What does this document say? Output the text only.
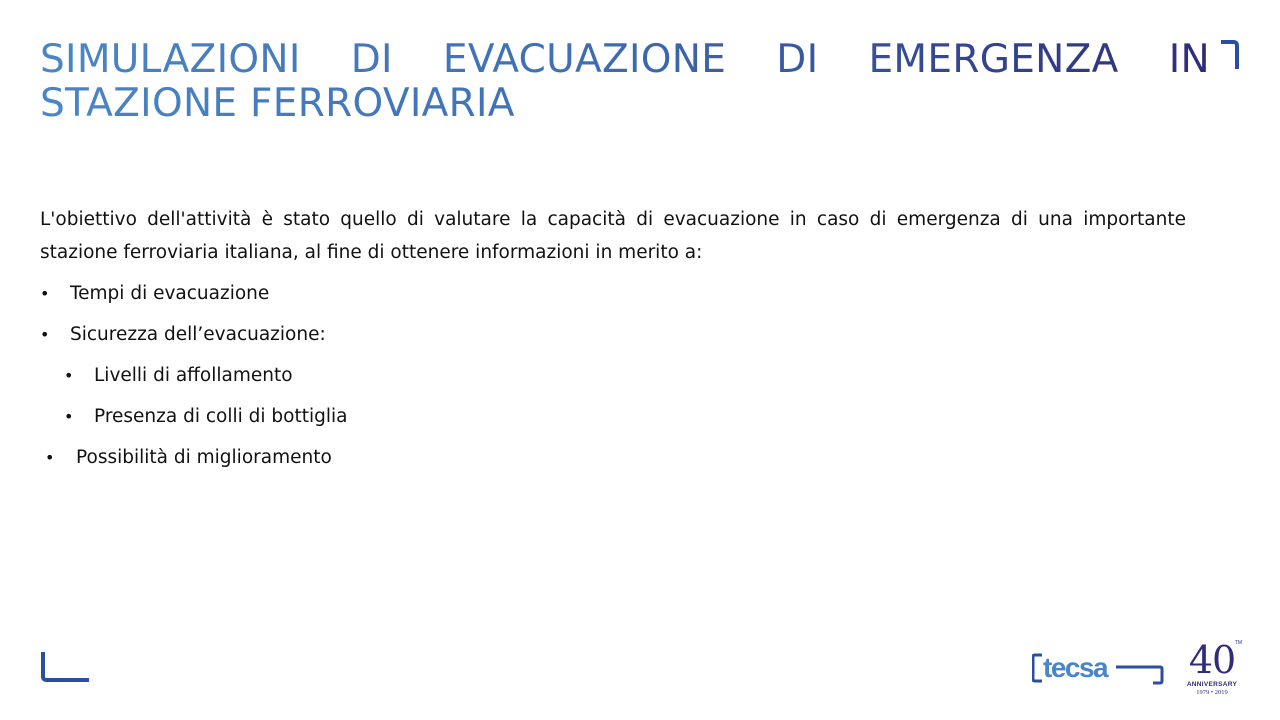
SIMULAZIONI DI EVACUAZIONE DI EMERGENZA IN
STAZIONE FERROVIARIA

L'obiettivo dell'attività è stato quello di valutare la capacità di evacuazione in caso di emergenza di una importante stazione ferroviaria italiana, al fine di ottenere informazioni in merito a:

• Tempi di evacuazione
• Sicurezza dell’evacuazione:
• Livelli di affollamento
• Presenza di colli di bottiglia
• Possibilità di miglioramento
tecsa 40 TM
ANNIVERSARY
1979 • 2019
